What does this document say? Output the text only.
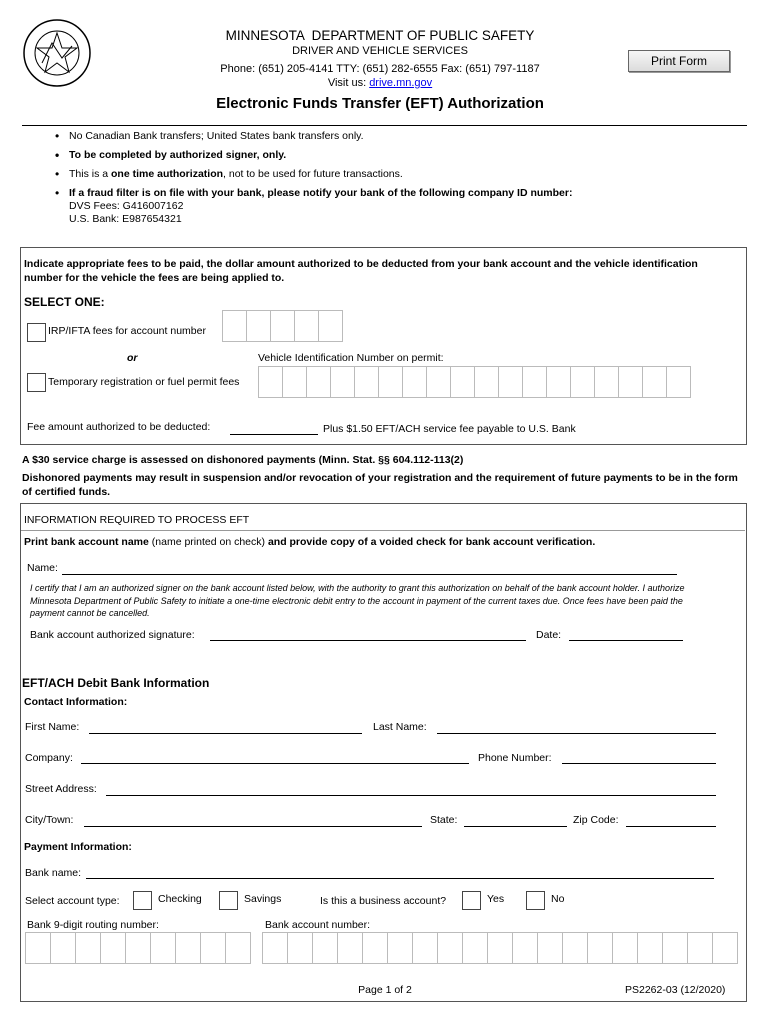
MINNESOTA  DEPARTMENT OF PUBLIC SAFETY
DRIVER AND VEHICLE SERVICES
Phone: (651) 205-4141 TTY: (651) 282-6555 Fax: (651) 797-1187
Visit us: drive.mn.gov
Electronic Funds Transfer (EFT) Authorization
Print Form
• No Canadian Bank transfers; United States bank transfers only.
• To be completed by authorized signer, only.
• This is a one time authorization, not to be used for future transactions.
• If a fraud filter is on file with your bank, please notify your bank of the following company ID number:
DVS Fees: G416007162
U.S. Bank: E987654321
Indicate appropriate fees to be paid, the dollar amount authorized to be deducted from your bank account and the vehicle identification number for the vehicle the fees are being applied to.
SELECT ONE:
IRP/IFTA fees for account number
or	Vehicle Identification Number on permit:
Temporary registration or fuel permit fees
Fee amount authorized to be deducted:	Plus $1.50 EFT/ACH service fee payable to U.S. Bank
A $30 service charge is assessed on dishonored payments (Minn. Stat. §§ 604.112-113(2)
Dishonored payments may result in suspension and/or revocation of your registration and the requirement of future payments to be in the form of certified funds.
INFORMATION REQUIRED TO PROCESS EFT
Print bank account name (name printed on check) and provide copy of a voided check for bank account verification.
Name:
I certify that I am an authorized signer on the bank account listed below, with the authority to grant this authorization on behalf of the bank account holder. I authorize Minnesota Department of Public Safety to initiate a one-time electronic debit entry to the account in payment of the current taxes due. Once fees have been paid the payment cannot be cancelled.
Bank account authorized signature:	Date:
EFT/ACH Debit Bank Information
Contact Information:
First Name:	Last Name:
Company:	Phone Number:
Street Address:
City/Town:	State:	Zip Code:
Payment Information:
Bank name:
Select account type:	Checking	Savings	Is this a business account?	Yes	No
Bank 9-digit routing number:	Bank account number:
Page 1 of 2	PS2262-03 (12/2020)
